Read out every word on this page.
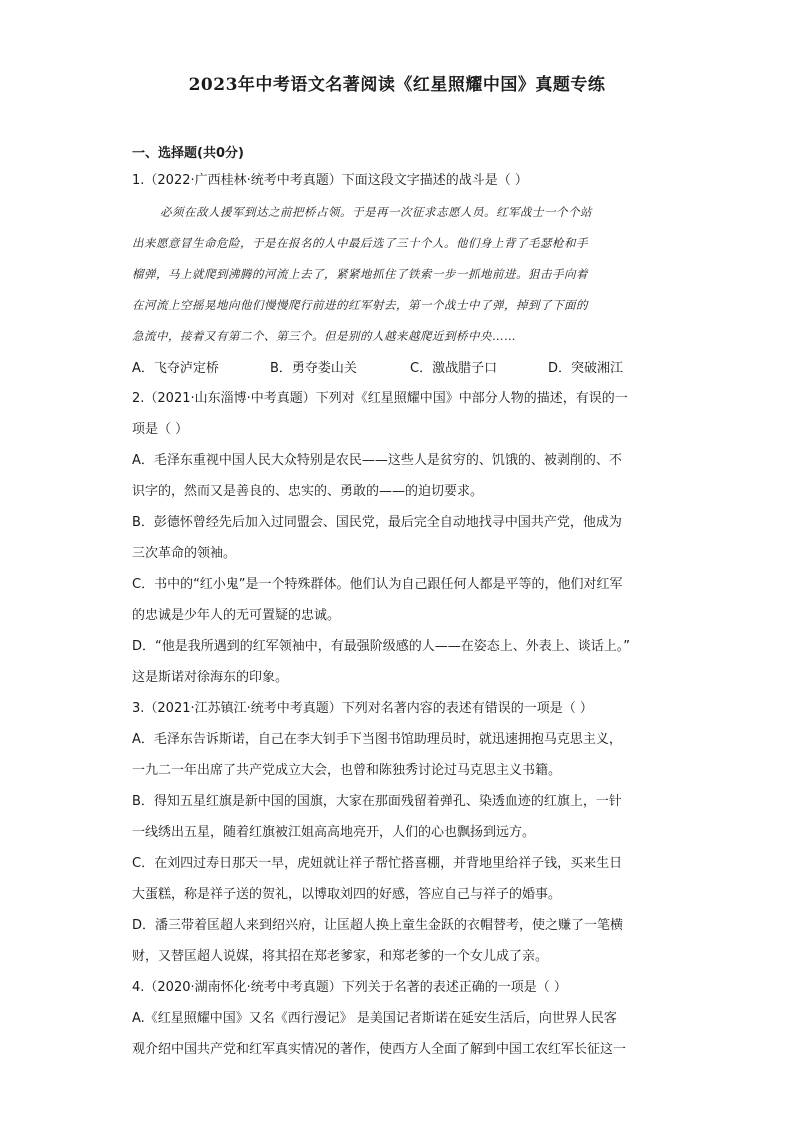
2023年中考语文名著阅读《红星照耀中国》真题专练
一、选择题(共0分)
1.（2022·广西桂林·统考中考真题）下面这段文字描述的战斗是（ ）
必须在敌人援军到达之前把桥占领。于是再一次征求志愿人员。红军战士一个个站
出来愿意冒生命危险，于是在报名的人中最后选了三十个人。他们身上背了毛瑟枪和手
榴弹，马上就爬到沸腾的河流上去了，紧紧地抓住了铁索一步一抓地前进。狙击手向着
在河流上空摇晃地向他们慢慢爬行前进的红军射去，第一个战士中了弹，掉到了下面的
急流中，接着又有第二个、第三个。但是别的人越来越爬近到桥中央……
A．飞夺泸定桥	B．勇夺娄山关	C．激战腊子口	D．突破湘江
2.（2021·山东淄博·中考真题）下列对《红星照耀中国》中部分人物的描述，有误的一
项是（ ）
A．毛泽东重视中国人民大众特别是农民——这些人是贫穷的、饥饿的、被剥削的、不
识字的，然而又是善良的、忠实的、勇敢的——的迫切要求。
B．彭德怀曾经先后加入过同盟会、国民党，最后完全自动地找寻中国共产党，他成为
三次革命的领袖。
C．书中的“红小鬼”是一个特殊群体。他们认为自己跟任何人都是平等的，他们对红军
的忠诚是少年人的无可置疑的忠诚。
D．“他是我所遇到的红军领袖中，有最强阶级感的人——在姿态上、外表上、谈话上。”
这是斯诺对徐海东的印象。
3.（2021·江苏镇江·统考中考真题）下列对名著内容的表述有错误的一项是（ ）
A．毛泽东告诉斯诺，自己在李大钊手下当图书馆助理员时，就迅速拥抱马克思主义，
一九二一年出席了共产党成立大会，也曾和陈独秀讨论过马克思主义书籍。
B．得知五星红旗是新中国的国旗，大家在那面残留着弹孔、染透血迹的红旗上，一针
一线绣出五星，随着红旗被江姐高高地亮开，人们的心也飘扬到远方。
C．在刘四过寿日那天一早，虎妞就让祥子帮忙搭喜棚，并背地里给祥子钱，买来生日
大蛋糕，称是祥子送的贺礼，以博取刘四的好感，答应自己与祥子的婚事。
D．潘三带着匡超人来到绍兴府，让匡超人换上童生金跃的衣帽替考，使之赚了一笔横
财，又替匡超人说媒，将其招在郑老爹家，和郑老爹的一个女儿成了亲。
4.（2020·湖南怀化·统考中考真题）下列关于名著的表述正确的一项是（ ）
A.《红星照耀中国》又名《西行漫记》 是美国记者斯诺在延安生活后，向世界人民客
观介绍中国共产党和红军真实情况的著作，使西方人全面了解到中国工农红军长征这一
